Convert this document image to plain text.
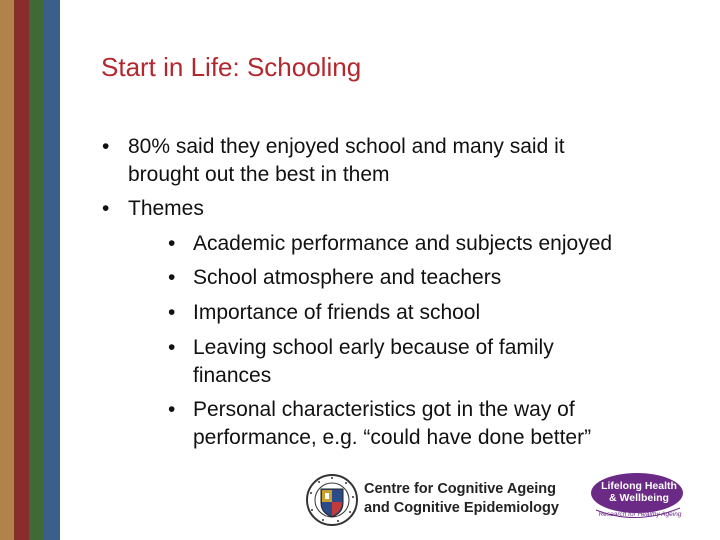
Start in Life: Schooling
• 80% said they enjoyed school and many said it
brought out the best in them
• Themes
• Academic performance and subjects enjoyed
• School atmosphere and teachers
• Importance of friends at school
• Leaving school early because of family
finances
• Personal characteristics got in the way of
performance, e.g. “could have done better”
Centre for Cognitive Ageing
and Cognitive Epidemiology
Lifelong Health
& Wellbeing
Research for Healthy Ageing
